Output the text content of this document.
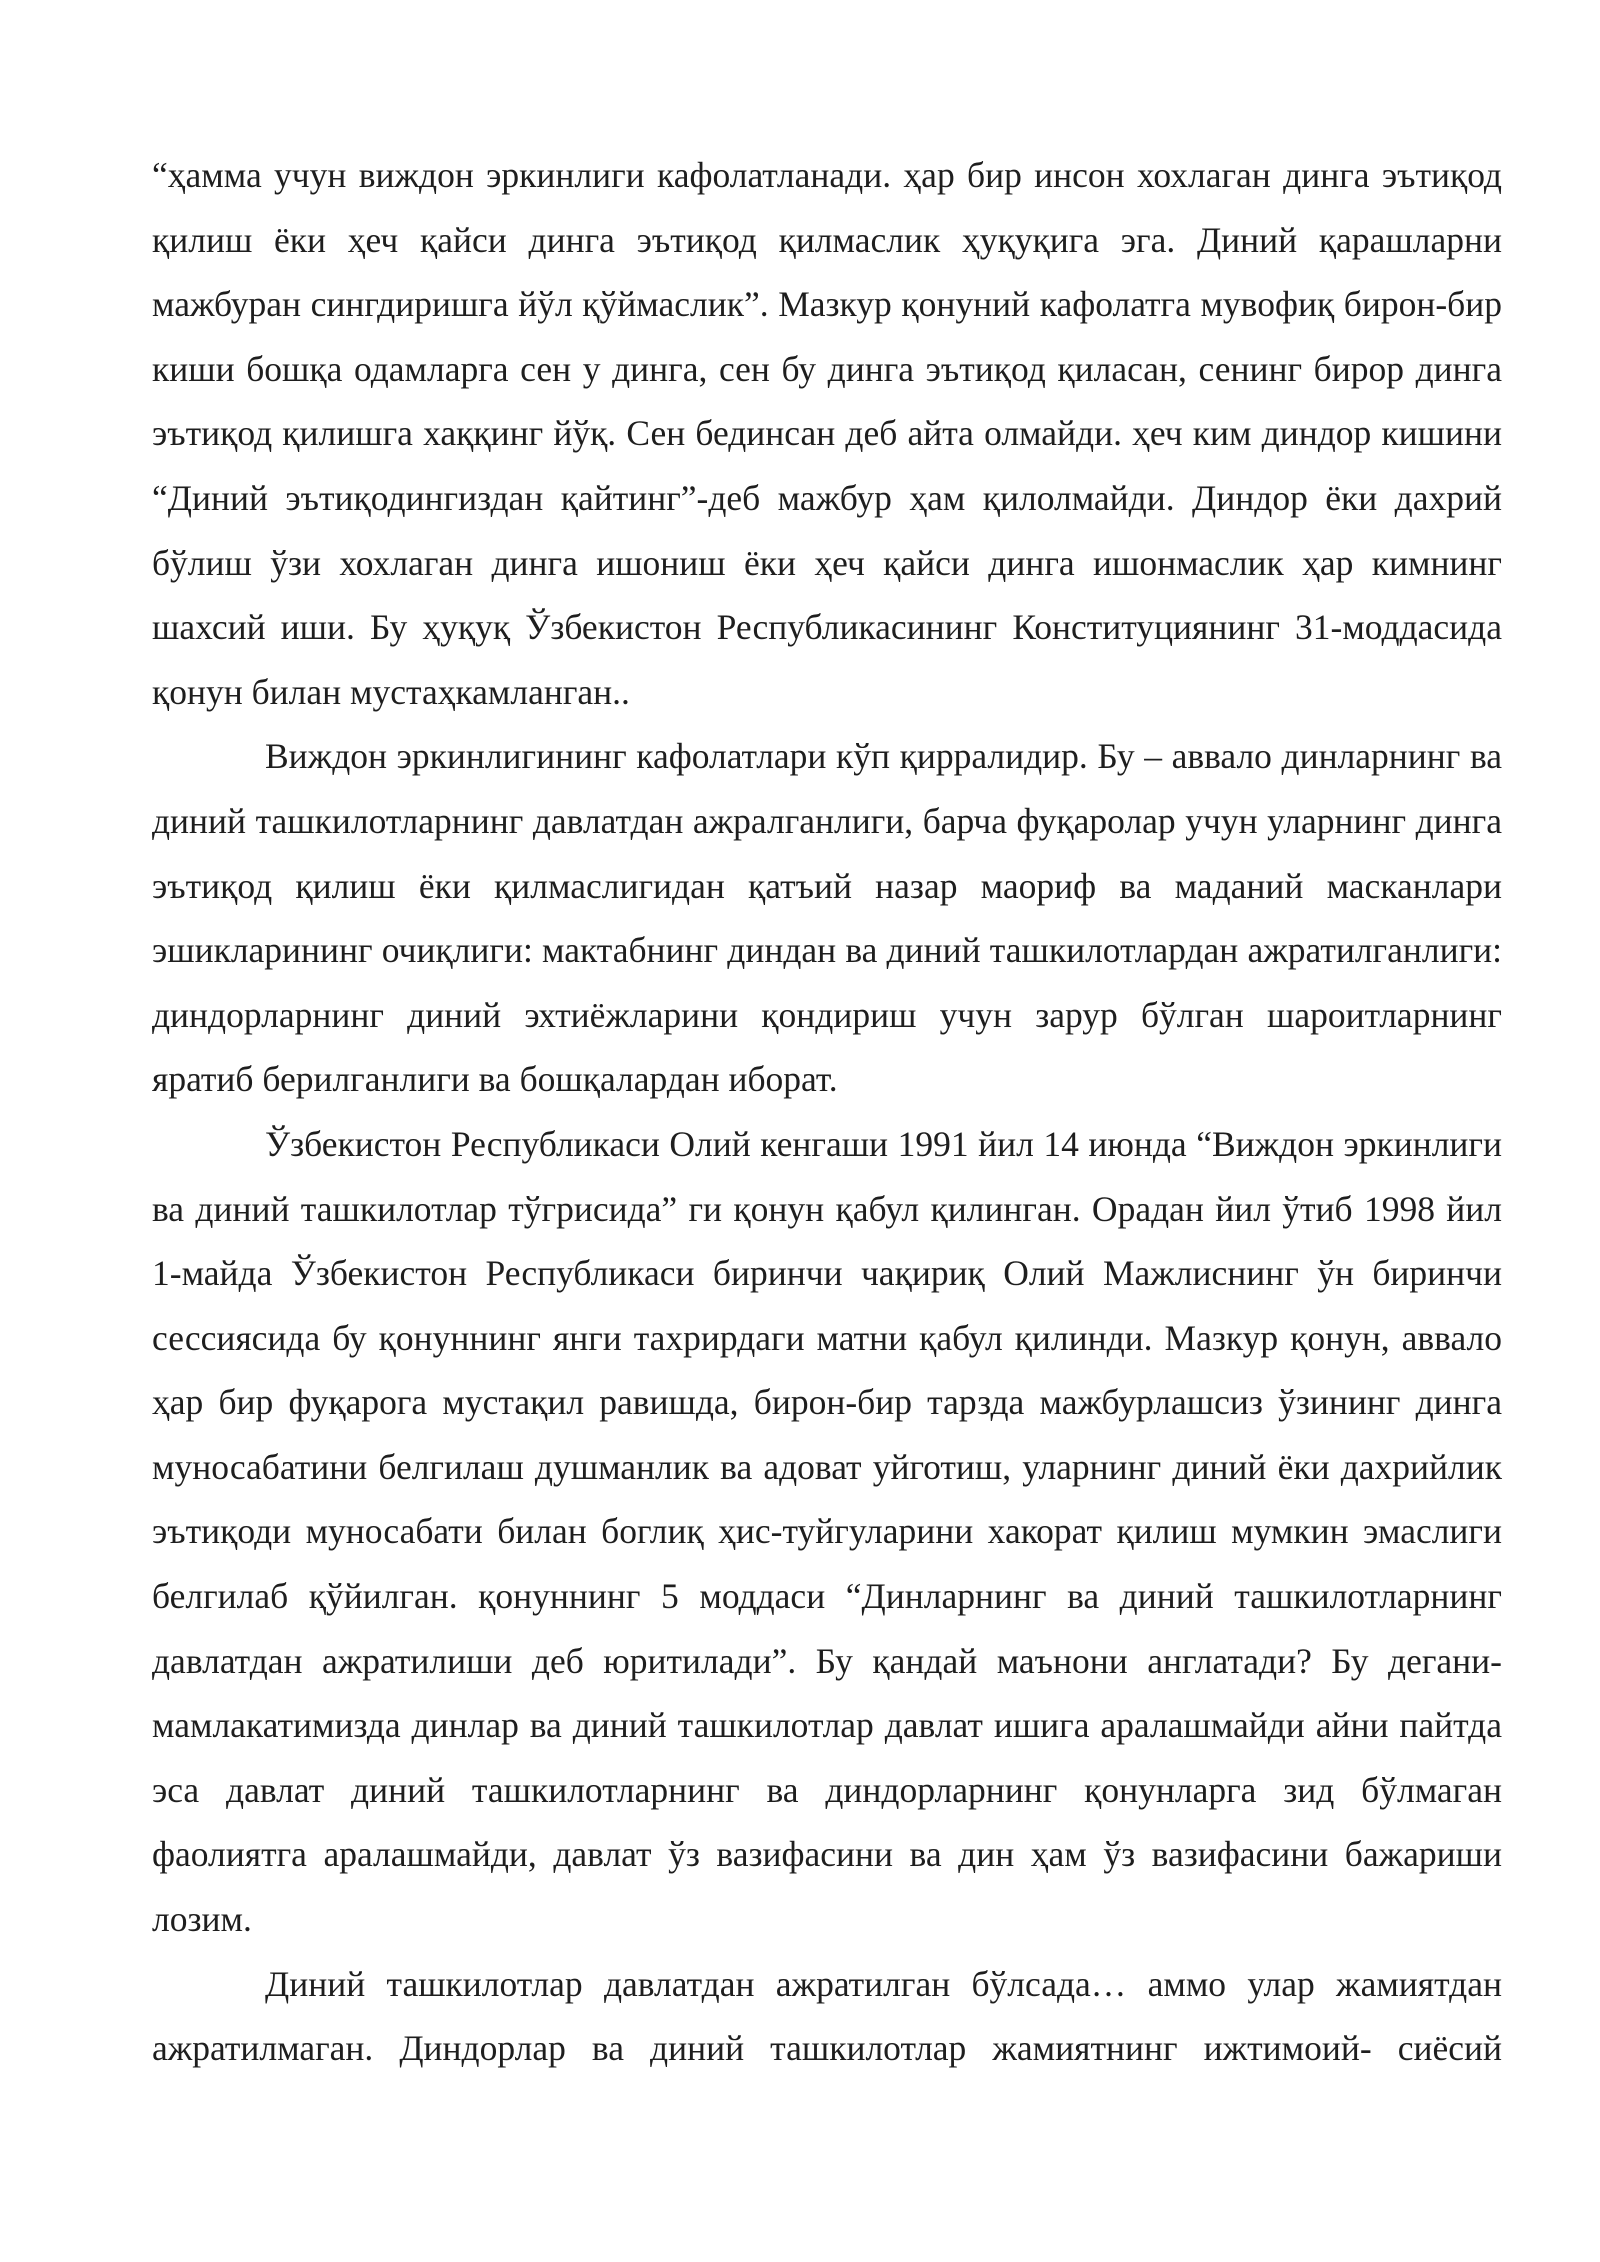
“ҳамма учун виждон эркинлиги кафолатланади. ҳар бир инсон хохлаган динга эътиқод қилиш ёки ҳеч қайси динга эътиқод қилмаслик ҳуқуқига эга. Диний қарашларни мажбуран сингдиришга йўл қўймаслик”. Мазкур қонуний кафолатга мувофиқ бирон-бир киши бошқа одамларга сен у динга, сен бу динга эътиқод қиласан, сенинг бирор динга эътиқод қилишга хаққинг йўқ. Сен бединсан деб айта олмайди. ҳеч ким диндор кишини “Диний эътиқодингиздан қайтинг”-деб мажбур ҳам қилолмайди. Диндор ёки дахрий бўлиш ўзи хохлаган динга ишониш ёки ҳеч қайси динга ишонмаслик ҳар кимнинг шахсий иши. Бу ҳуқуқ Ўзбекистон Республикасининг Конституциянинг 31-моддасида қонун билан мустаҳкамланган..

Виждон эркинлигининг кафолатлари кўп қирралидир. Бу – аввало динларнинг ва диний ташкилотларнинг давлатдан ажралганлиги, барча фуқаролар учун уларнинг динга эътиқод қилиш ёки қилмаслигидан қатъий назар маориф ва маданий масканлари эшикларининг очиқлиги: мактабнинг диндан ва диний ташкилотлардан ажратилганлиги: диндорларнинг диний эхтиёжларини қондириш учун зарур бўлган шароитларнинг яратиб берилганлиги ва бошқалардан иборат.

Ўзбекистон Республикаси Олий кенгаши 1991 йил 14 июнда “Виждон эркинлиги ва диний ташкилотлар тўгрисида” ги қонун қабул қилинган. Орадан йил ўтиб 1998 йил 1-майда Ўзбекистон Республикаси биринчи чақириқ Олий Мажлиснинг ўн биринчи сессиясида бу қонуннинг янги тахрирдаги матни қабул қилинди. Мазкур қонун, аввало ҳар бир фуқарога мустақил равишда, бирон-бир тарзда мажбурлашсиз ўзининг динга муносабатини белгилаш душманлик ва адоват уйготиш, уларнинг диний ёки дахрийлик эътиқоди муносабати билан боглиқ ҳис-туйгуларини хакорат қилиш мумкин эмаслиги белгилаб қўйилган. қонуннинг 5 моддаси “Динларнинг ва диний ташкилотларнинг давлатдан ажратилиши деб юритилади”. Бу қандай маънони англатади? Бу дегани-мамлакатимизда динлар ва диний ташкилотлар давлат ишига аралашмайди айни пайтда эса давлат диний ташкилотларнинг ва диндорларнинг қонунларга зид бўлмаган фаолиятга аралашмайди, давлат ўз вазифасини ва дин ҳам ўз вазифасини бажариши лозим.

Диний ташкилотлар давлатдан ажратилган бўлсада… аммо улар жамиятдан ажратилмаган. Диндорлар ва диний ташкилотлар жамиятнинг ижтимоий- сиёсий
